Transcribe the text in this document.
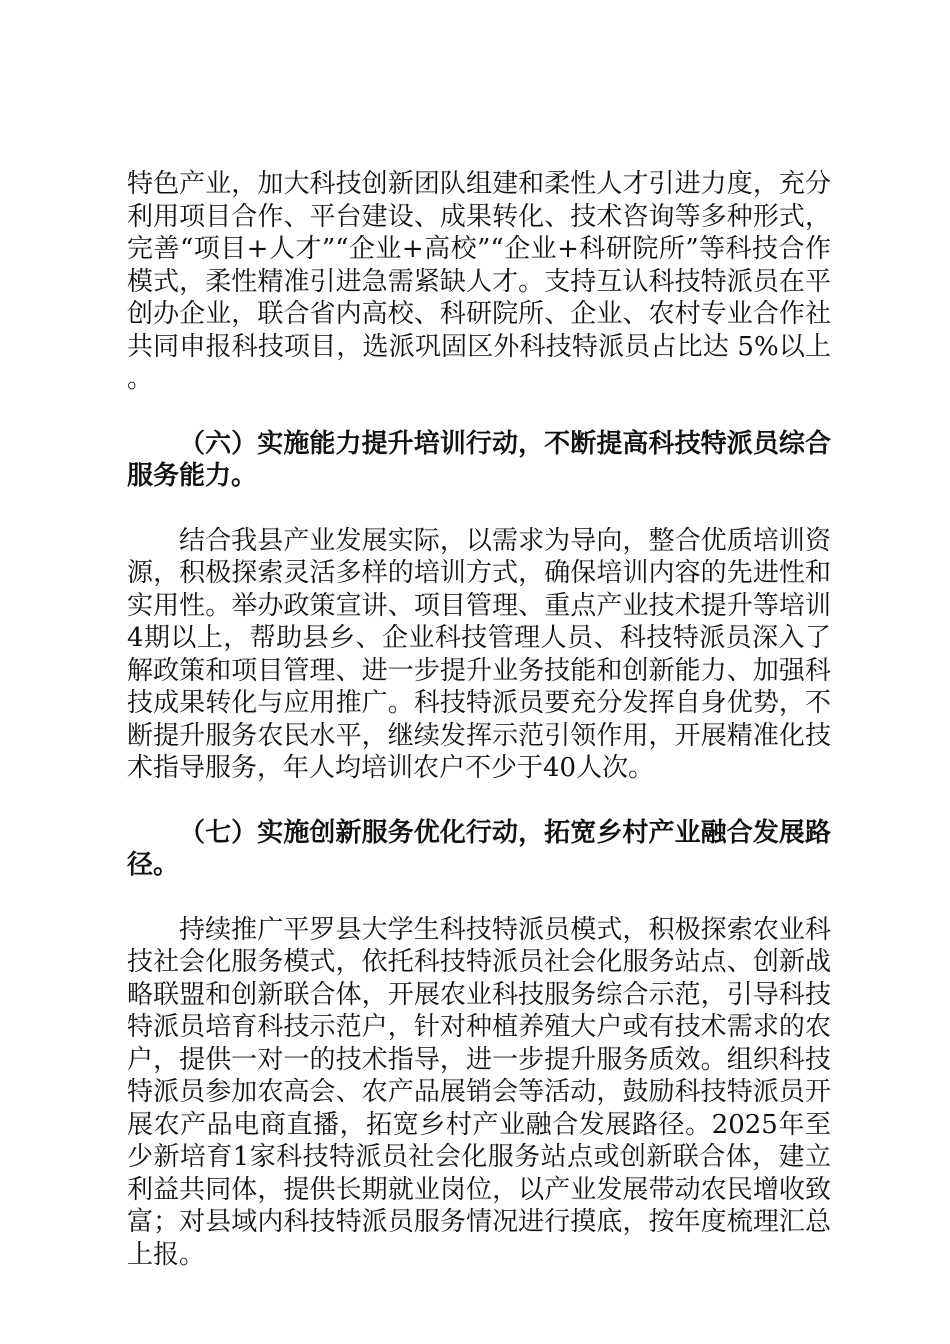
特色产业，加大科技创新团队组建和柔性人才引进力度，充分利用项目合作、平台建设、成果转化、技术咨询等多种形式，完善“项目+人才”“企业+高校”“企业+科研院所”等科技合作模式，柔性精准引进急需紧缺人才。支持互认科技特派员在平创办企业，联合省内高校、科研院所、企业、农村专业合作社共同申报科技项目，选派巩固区外科技特派员占比达 5%以上。

（六）实施能力提升培训行动，不断提高科技特派员综合服务能力。

结合我县产业发展实际，以需求为导向，整合优质培训资源，积极探索灵活多样的培训方式，确保培训内容的先进性和实用性。举办政策宣讲、项目管理、重点产业技术提升等培训4期以上，帮助县乡、企业科技管理人员、科技特派员深入了解政策和项目管理、进一步提升业务技能和创新能力、加强科技成果转化与应用推广。科技特派员要充分发挥自身优势，不断提升服务农民水平，继续发挥示范引领作用，开展精准化技术指导服务，年人均培训农户不少于40人次。

（七）实施创新服务优化行动，拓宽乡村产业融合发展路径。

持续推广平罗县大学生科技特派员模式，积极探索农业科技社会化服务模式，依托科技特派员社会化服务站点、创新战略联盟和创新联合体，开展农业科技服务综合示范，引导科技特派员培育科技示范户，针对种植养殖大户或有技术需求的农户，提供一对一的技术指导，进一步提升服务质效。组织科技特派员参加农高会、农产品展销会等活动，鼓励科技特派员开展农产品电商直播，拓宽乡村产业融合发展路径。2025年至少新培育1家科技特派员社会化服务站点或创新联合体，建立利益共同体，提供长期就业岗位，以产业发展带动农民增收致富；对县域内科技特派员服务情况进行摸底，按年度梳理汇总上报。
